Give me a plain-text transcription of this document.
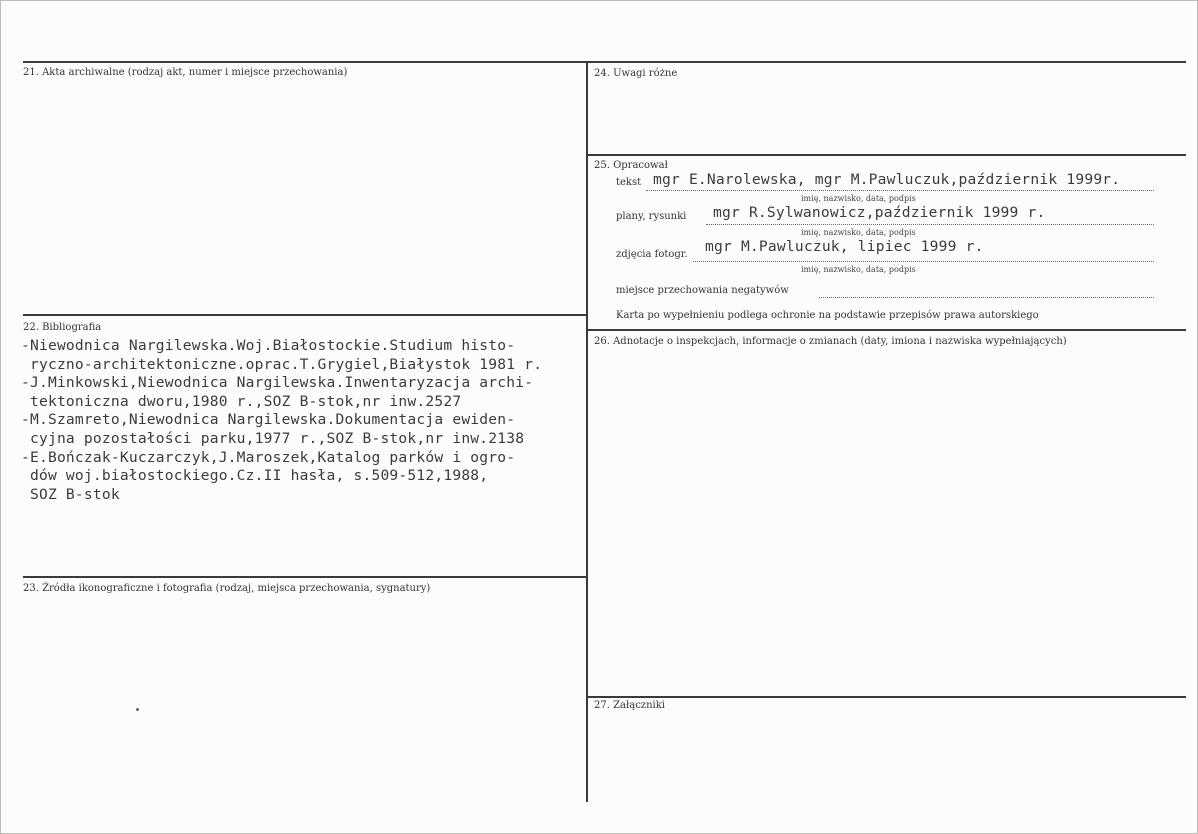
21. Akta archiwalne (rodzaj akt, numer i miejsce przechowania)
22. Bibliografia
-Niewodnica Nargilewska.Woj.Białostockie.Studium histo-
ryczno-architektoniczne.oprac.T.Grygiel,Białystok 1981 r.
-J.Minkowski,Niewodnica Nargilewska.Inwentaryzacja archi-
tektoniczna dworu,1980 r.,SOZ B-stok,nr inw.2527
-M.Szamreto,Niewodnica Nargilewska.Dokumentacja ewiden-
cyjna pozostałości parku,1977 r.,SOZ B-stok,nr inw.2138
-E.Bończak-Kuczarczyk,J.Maroszek,Katalog parków i ogro-
dów woj.białostockiego.Cz.II hasła, s.509-512,1988,
SOZ B-stok
23. Źródła ikonograficzne i fotografia (rodzaj, miejsca przechowania, sygnatury)
24. Uwagi różne
25. Opracował
tekst mgr E.Narolewska, mgr M.Pawluczuk,październik 1999r.
imię, nazwisko, data, podpis
plany, rysunki mgr R.Sylwanowicz,październik 1999 r.
imię, nazwisko, data, podpis
zdjęcia fotogr. mgr M.Pawluczuk, lipiec 1999 r.
imię, nazwisko, data, podpis
miejsce przechowania negatywów
Karta po wypełnieniu podlega ochronie na podstawie przepisów prawa autorskiego
26. Adnotacje o inspekcjach, informacje o zmianach (daty, imiona i nazwiska wypełniających)
27. Załączniki
